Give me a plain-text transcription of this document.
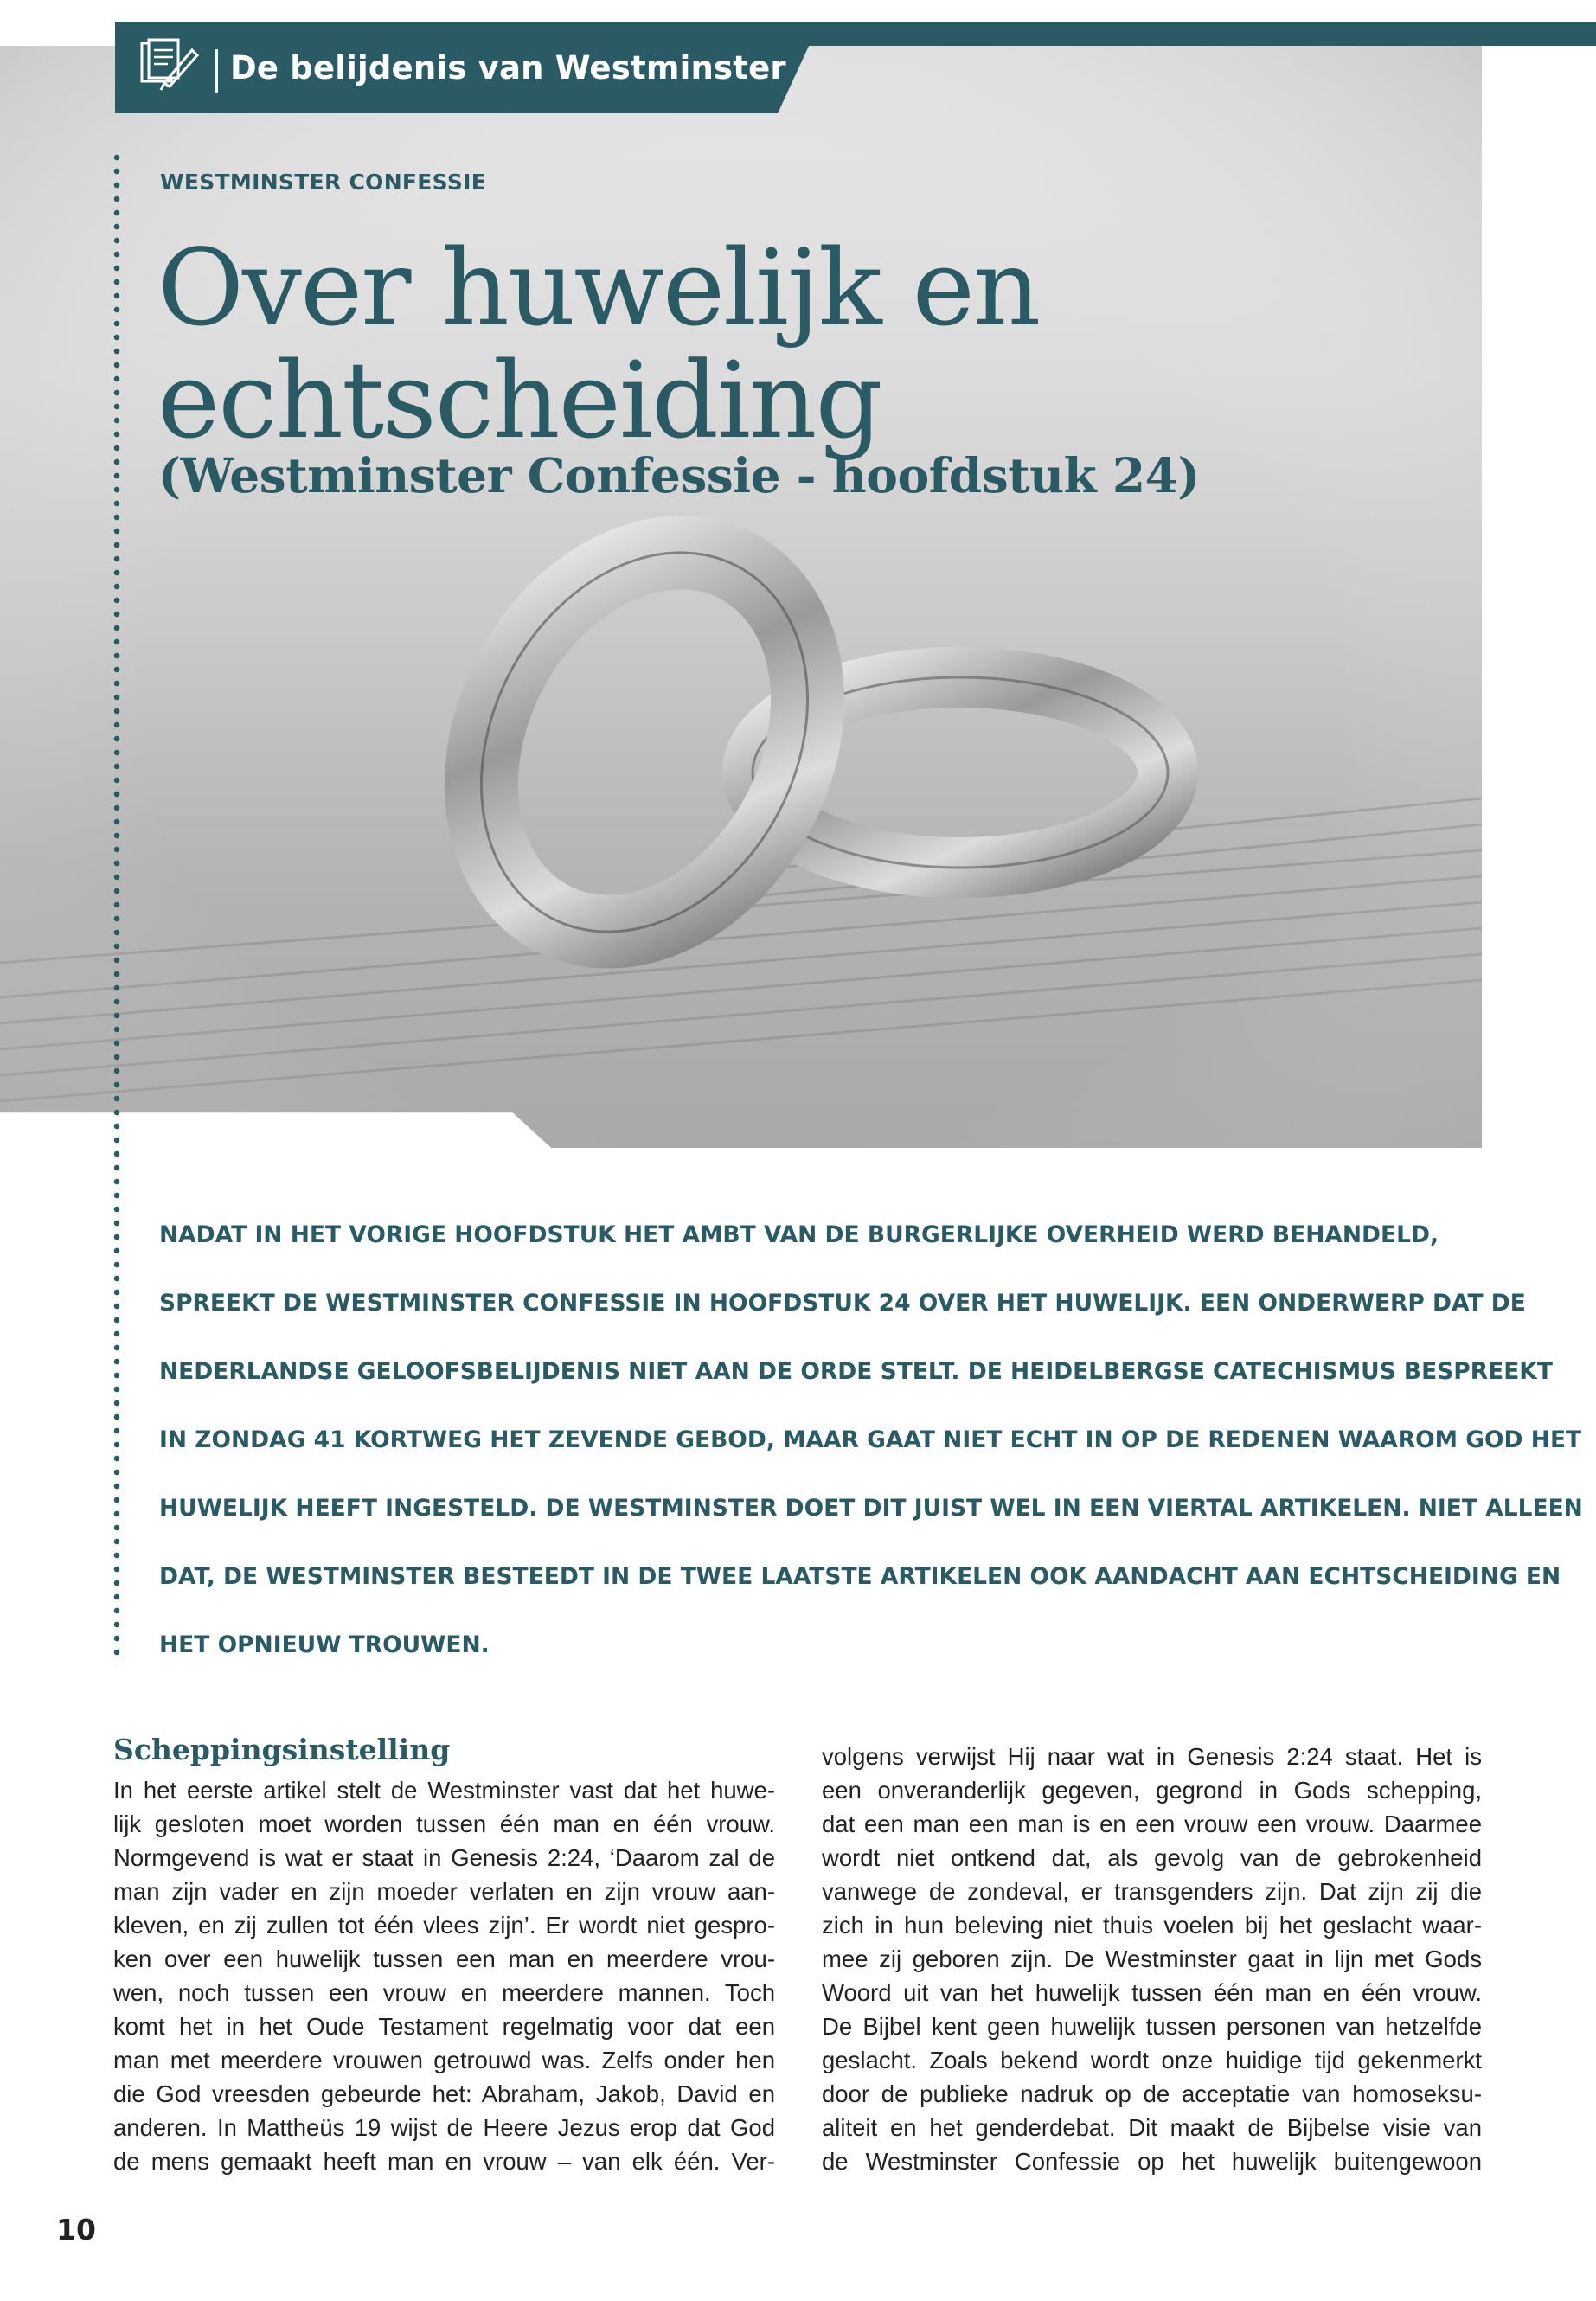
De belijdenis van Westminster
WESTMINSTER CONFESSIE
Over huwelijk en
echtscheiding
(Westminster Confessie - hoofdstuk 24)
NADAT IN HET VORIGE HOOFDSTUK HET AMBT VAN DE BURGERLIJKE OVERHEID WERD BEHANDELD,
SPREEKT DE WESTMINSTER CONFESSIE IN HOOFDSTUK 24 OVER HET HUWELIJK. EEN ONDERWERP DAT DE
NEDERLANDSE GELOOFSBELIJDENIS NIET AAN DE ORDE STELT. DE HEIDELBERGSE CATECHISMUS BESPREEKT
IN ZONDAG 41 KORTWEG HET ZEVENDE GEBOD, MAAR GAAT NIET ECHT IN OP DE REDENEN WAAROM GOD HET
HUWELIJK HEEFT INGESTELD. DE WESTMINSTER DOET DIT JUIST WEL IN EEN VIERTAL ARTIKELEN. NIET ALLEEN
DAT, DE WESTMINSTER BESTEEDT IN DE TWEE LAATSTE ARTIKELEN OOK AANDACHT AAN ECHTSCHEIDING EN
HET OPNIEUW TROUWEN.
Scheppingsinstelling
In het eerste artikel stelt de Westminster vast dat het huwe-
lijk gesloten moet worden tussen één man en één vrouw.
Normgevend is wat er staat in Genesis 2:24, ‘Daarom zal de
man zijn vader en zijn moeder verlaten en zijn vrouw aan-
kleven, en zij zullen tot één vlees zijn’. Er wordt niet gespro-
ken over een huwelijk tussen een man en meerdere vrou-
wen, noch tussen een vrouw en meerdere mannen. Toch
komt het in het Oude Testament regelmatig voor dat een
man met meerdere vrouwen getrouwd was. Zelfs onder hen
die God vreesden gebeurde het: Abraham, Jakob, David en
anderen. In Mattheüs 19 wijst de Heere Jezus erop dat God
de mens gemaakt heeft man en vrouw – van elk één. Ver-
volgens verwijst Hij naar wat in Genesis 2:24 staat. Het is
een onveranderlijk gegeven, gegrond in Gods schepping,
dat een man een man is en een vrouw een vrouw. Daarmee
wordt niet ontkend dat, als gevolg van de gebrokenheid
vanwege de zondeval, er transgenders zijn. Dat zijn zij die
zich in hun beleving niet thuis voelen bij het geslacht waar-
mee zij geboren zijn. De Westminster gaat in lijn met Gods
Woord uit van het huwelijk tussen één man en één vrouw.
De Bijbel kent geen huwelijk tussen personen van hetzelfde
geslacht. Zoals bekend wordt onze huidige tijd gekenmerkt
door de publieke nadruk op de acceptatie van homoseksu-
aliteit en het genderdebat. Dit maakt de Bijbelse visie van
de Westminster Confessie op het huwelijk buitengewoon
10
